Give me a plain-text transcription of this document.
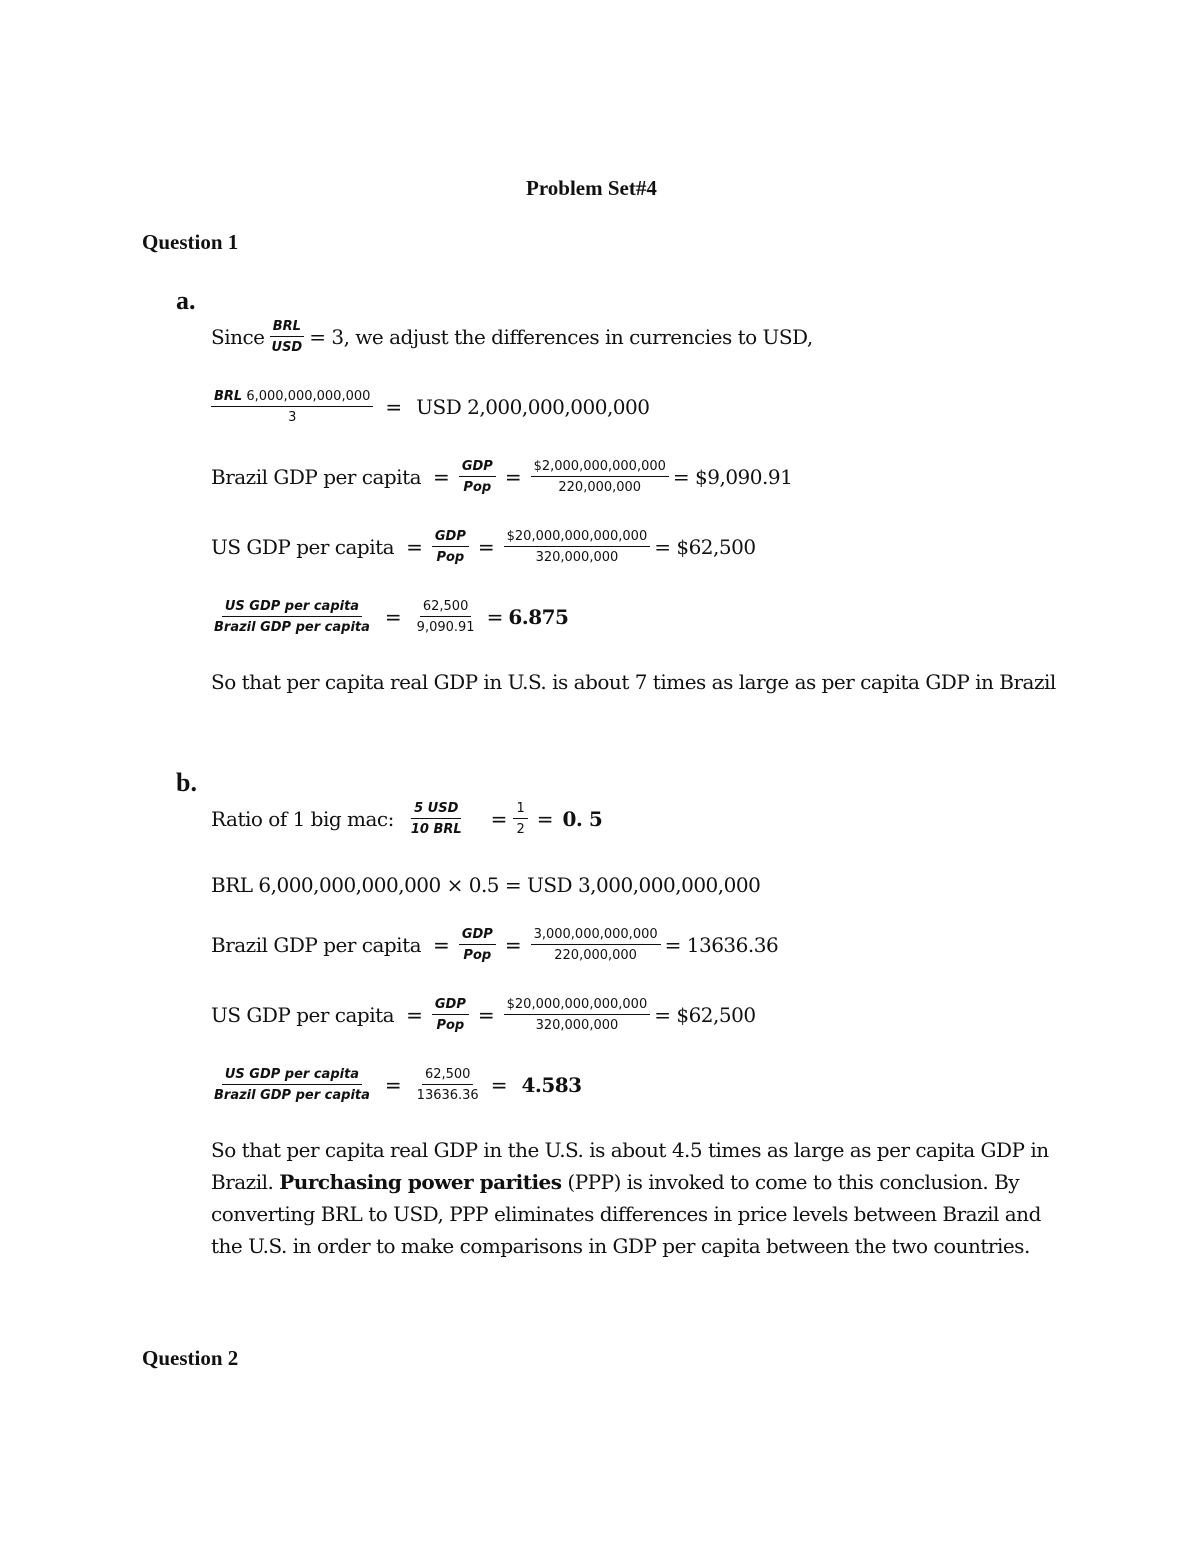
Problem Set#4
Question 1
a.
Since $\frac{\text{BRL}}{\text{USD}} = 3$, we adjust the differences in currencies to USD,
$\frac{\text{BRL 6,000,000,000,000}}{3}$ = USD 2,000,000,000,000
Brazil GDP per capita = $\frac{\text{GDP}}{\text{Pop}} = \frac{\$2,000,000,000,000}{220,000,000}$ = $9,090.91
US GDP per capita = $\frac{\text{GDP}}{\text{Pop}} = \frac{\$20,000,000,000,000}{320,000,000}$ = $62,500
$\frac{\text{US GDP per capita}}{\text{Brazil GDP per capita}} = \frac{62,500}{9,090.91} = 6.875$
So that per capita real GDP in U.S. is about 7 times as large as per capita GDP in Brazil
b.
Ratio of 1 big mac: $\frac{\text{5 USD}}{\text{10 BRL}} = \frac{1}{2} = 0$. 5
BRL 6,000,000,000,000 × 0.5 = USD 3,000,000,000,000
Brazil GDP per capita = $\frac{\text{GDP}}{\text{Pop}} = \frac{3,000,000,000,000}{220,000,000} = 13636.36$
US GDP per capita = $\frac{\text{GDP}}{\text{Pop}} = \frac{\$20,000,000,000,000}{320,000,000}$ = $62,500
$\frac{\text{US GDP per capita}}{\text{Brazil GDP per capita}} = \frac{62,500}{13636.36} = 4.583$
So that per capita real GDP in the U.S. is about 4.5 times as large as per capita GDP in Brazil. Purchasing power parities (PPP) is invoked to come to this conclusion. By converting BRL to USD, PPP eliminates differences in price levels between Brazil and the U.S. in order to make comparisons in GDP per capita between the two countries.
Question 2
